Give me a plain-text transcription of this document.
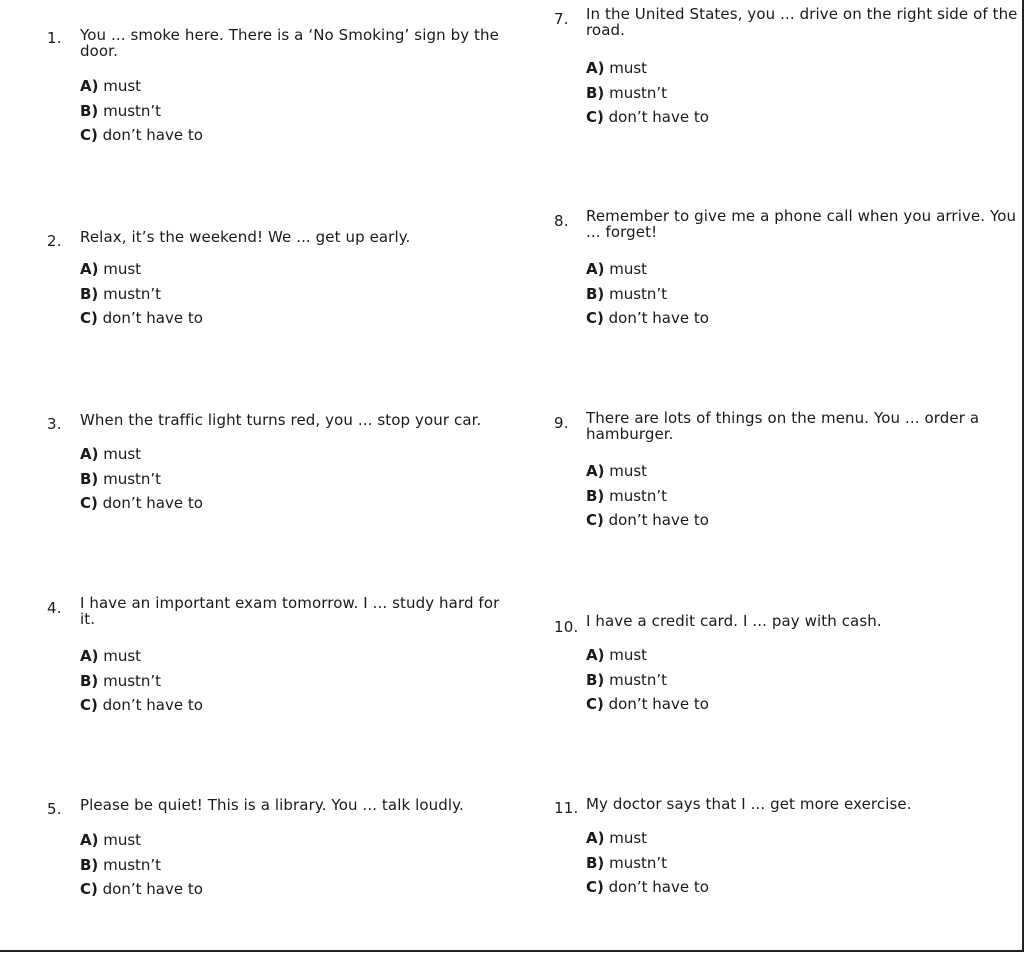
1. You ... smoke here. There is a ‘No Smoking’ sign by the door.
A) must
B) mustn’t
C) don’t have to
2. Relax, it’s the weekend! We ... get up early.
A) must
B) mustn’t
C) don’t have to
3. When the traffic light turns red, you ... stop your car.
A) must
B) mustn’t
C) don’t have to
4. I have an important exam tomorrow. I ... study hard for it.
A) must
B) mustn’t
C) don’t have to
5. Please be quiet! This is a library. You ... talk loudly.
A) must
B) mustn’t
C) don’t have to
7. In the United States, you ... drive on the right side of the road.
A) must
B) mustn’t
C) don’t have to
8. Remember to give me a phone call when you arrive. You ... forget!
A) must
B) mustn’t
C) don’t have to
9. There are lots of things on the menu. You ... order a hamburger.
A) must
B) mustn’t
C) don’t have to
10. I have a credit card. I ... pay with cash.
A) must
B) mustn’t
C) don’t have to
11. My doctor says that I ... get more exercise.
A) must
B) mustn’t
C) don’t have to
